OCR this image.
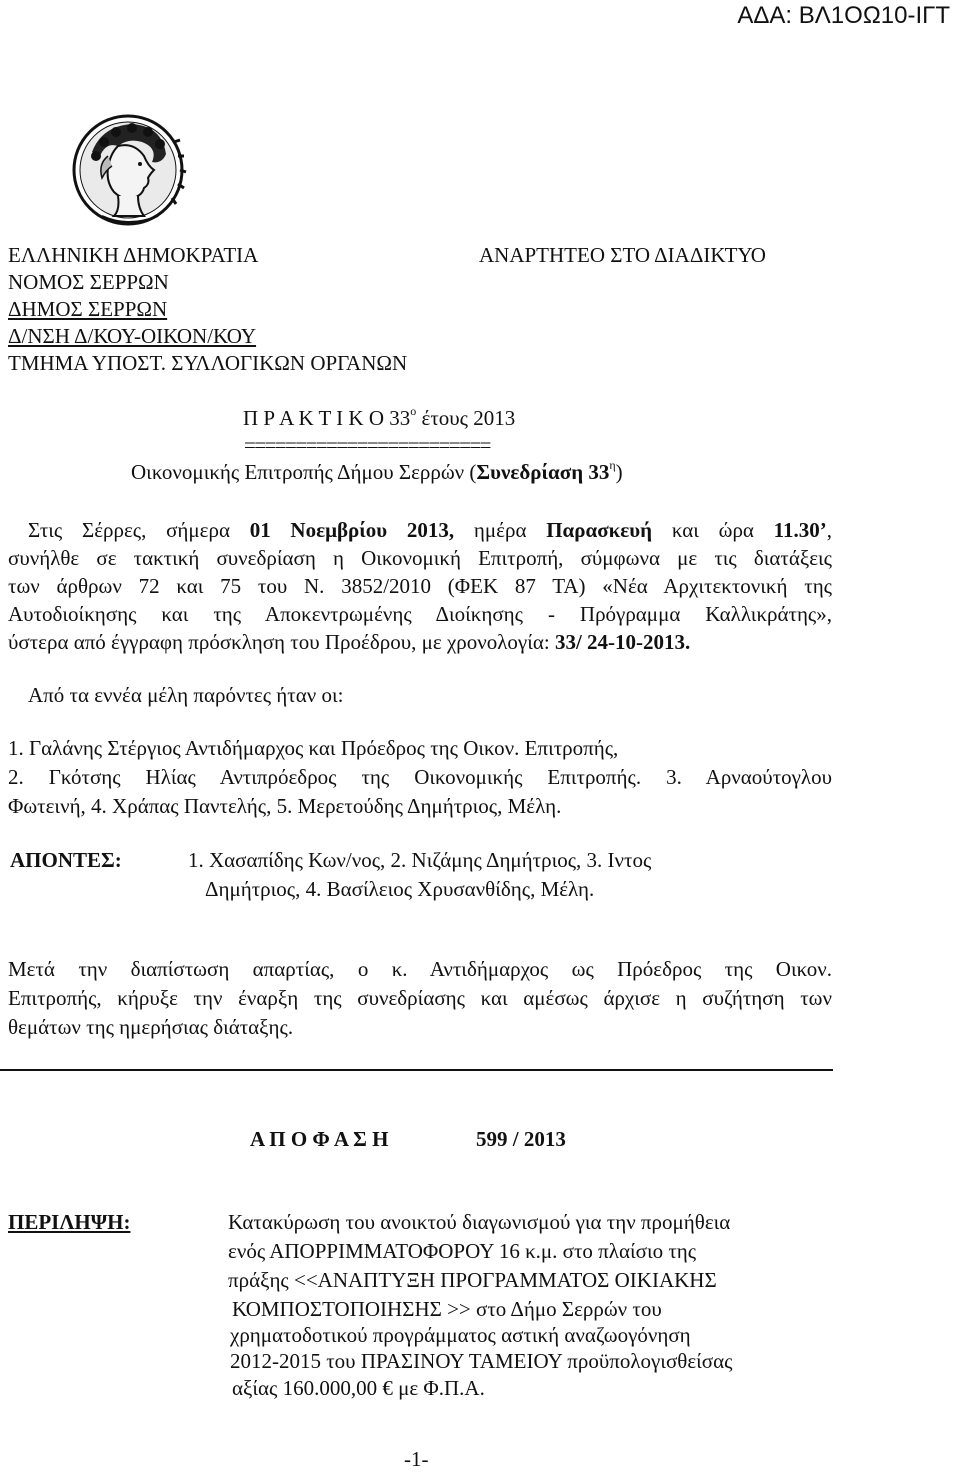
ΑΔΑ: ΒΛ1ΟΩ10-ΙΓΤ
ΕΛΛΗΝΙΚΗ ΔΗΜΟΚΡΑΤΙΑ
ΝΟΜΟΣ ΣΕΡΡΩΝ
ΔΗΜΟΣ ΣΕΡΡΩΝ
Δ/ΝΣΗ Δ/ΚΟΥ-ΟΙΚΟΝ/ΚΟΥ
ΤΜΗΜΑ ΥΠΟΣΤ. ΣΥΛΛΟΓΙΚΩΝ ΟΡΓΑΝΩΝ
ΑΝΑΡΤΗΤΕΟ ΣΤΟ ΔΙΑΔΙΚΤΥΟ
Π Ρ Α Κ Τ Ι Κ Ο $33^o$ έτους 2013
========================
Οικονομικής Επιτροπής Δήμου Σερρών (Συνεδρίαση $33^\eta$)
Στις Σέρρες, σήμερα 01 Νοεμβρίου 2013, ημέρα Παρασκευή και ώρα 11.30’,
συνήλθε σε τακτική συνεδρίαση η Οικονομική Επιτροπή, σύμφωνα με τις διατάξεις
των άρθρων 72 και 75 του Ν. 3852/2010 (ΦΕΚ 87 ΤΑ) «Νέα Αρχιτεκτονική της
Αυτοδιοίκησης και της Αποκεντρωμένης Διοίκησης - Πρόγραμμα Καλλικράτης»,
ύστερα από έγγραφη πρόσκληση του Προέδρου, με χρονολογία: 33/ 24-10-2013.
Από τα εννέα μέλη παρόντες ήταν οι:
1. Γαλάνης Στέργιος Αντιδήμαρχος και Πρόεδρος της Οικον. Επιτροπής,
2. Γκότσης Ηλίας Αντιπρόεδρος της Οικονομικής Επιτροπής. 3. Αρναούτογλου
Φωτεινή, 4. Χράπας Παντελής, 5. Μερετούδης Δημήτριος, Μέλη.
ΑΠΟΝΤΕΣ:	1. Χασαπίδης Κων/νος, 2. Νιζάμης Δημήτριος, 3. Ιντος
Δημήτριος, 4. Βασίλειος Χρυσανθίδης, Μέλη.
Μετά την διαπίστωση απαρτίας, ο κ. Αντιδήμαρχος ως Πρόεδρος της Οικον.
Επιτροπής, κήρυξε την έναρξη της συνεδρίασης και αμέσως άρχισε η συζήτηση των
θεμάτων της ημερήσιας διάταξης.
Α Π Ο Φ Α Σ Η	599 / 2013
ΠΕΡΙΛΗΨΗ:	Κατακύρωση του ανοικτού διαγωνισμού για την προμήθεια
ενός ΑΠΟΡΡΙΜΜΑΤΟΦΟΡΟΥ 16 κ.μ. στο πλαίσιο της
πράξης <<ΑΝΑΠΤΥΞΗ ΠΡΟΓΡΑΜΜΑΤΟΣ ΟΙΚΙΑΚΗΣ
ΚΟΜΠΟΣΤΟΠΟΙΗΣΗΣ >> στο Δήμο Σερρών του
χρηματοδοτικού προγράμματος αστική αναζωογόνηση
2012-2015 του ΠΡΑΣΙΝΟΥ ΤΑΜΕΙΟΥ προϋπολογισθείσας
αξίας 160.000,00 € με Φ.Π.Α.
-1-
